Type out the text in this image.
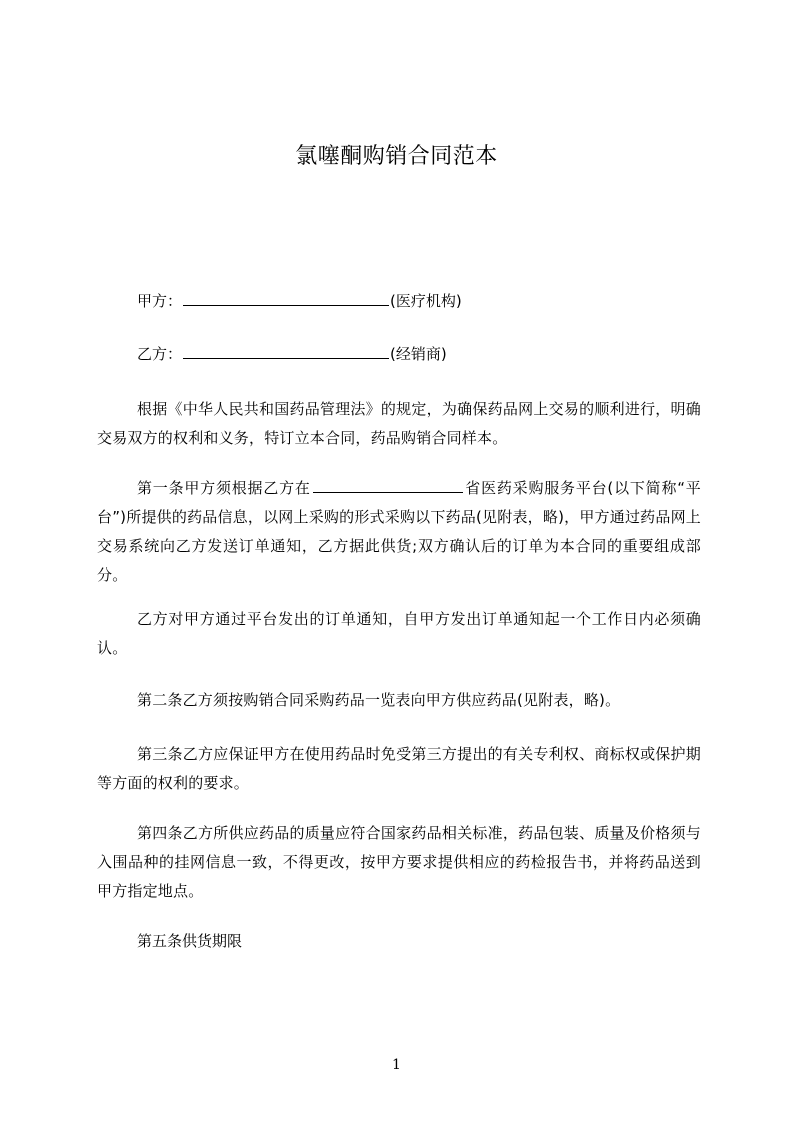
氯噻酮购销合同范本
甲方：	(医疗机构)
乙方：	(经销商)
根据《中华人民共和国药品管理法》的规定，为确保药品网上交易的顺利进行，明确交易双方的权利和义务，特订立本合同，药品购销合同样本。
第一条甲方须根据乙方在	省医药采购服务平台(以下简称“平台”)所提供的药品信息，以网上采购的形式采购以下药品(见附表，略)，甲方通过药品网上交易系统向乙方发送订单通知，乙方据此供货;双方确认后的订单为本合同的重要组成部分。
乙方对甲方通过平台发出的订单通知，自甲方发出订单通知起一个工作日内必须确认。
第二条乙方须按购销合同采购药品一览表向甲方供应药品(见附表，略)。
第三条乙方应保证甲方在使用药品时免受第三方提出的有关专利权、商标权或保护期等方面的权利的要求。
第四条乙方所供应药品的质量应符合国家药品相关标准，药品包装、质量及价格须与入围品种的挂网信息一致，不得更改，按甲方要求提供相应的药检报告书，并将药品送到甲方指定地点。
第五条供货期限
1
